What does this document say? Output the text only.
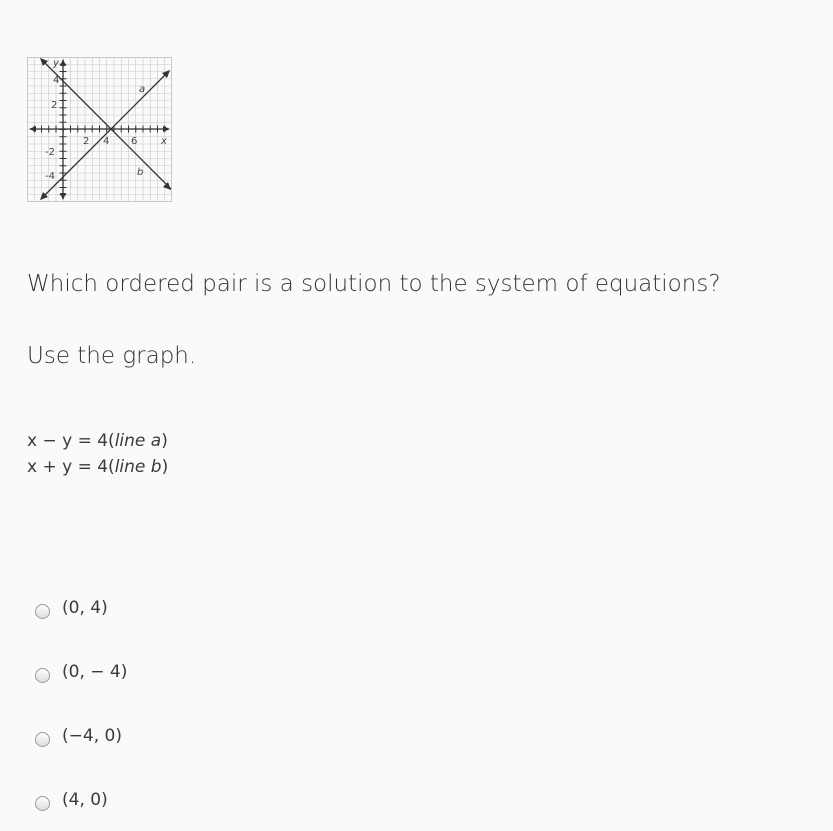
a
b
x
y
2 4 6
4
2
-2
-4
Which ordered pair is a solution to the system of equations?
Use the graph.
x − y = 4(line a)
x + y = 4(line b)
(0, 4)
(0, − 4)
(−4, 0)
(4, 0)
